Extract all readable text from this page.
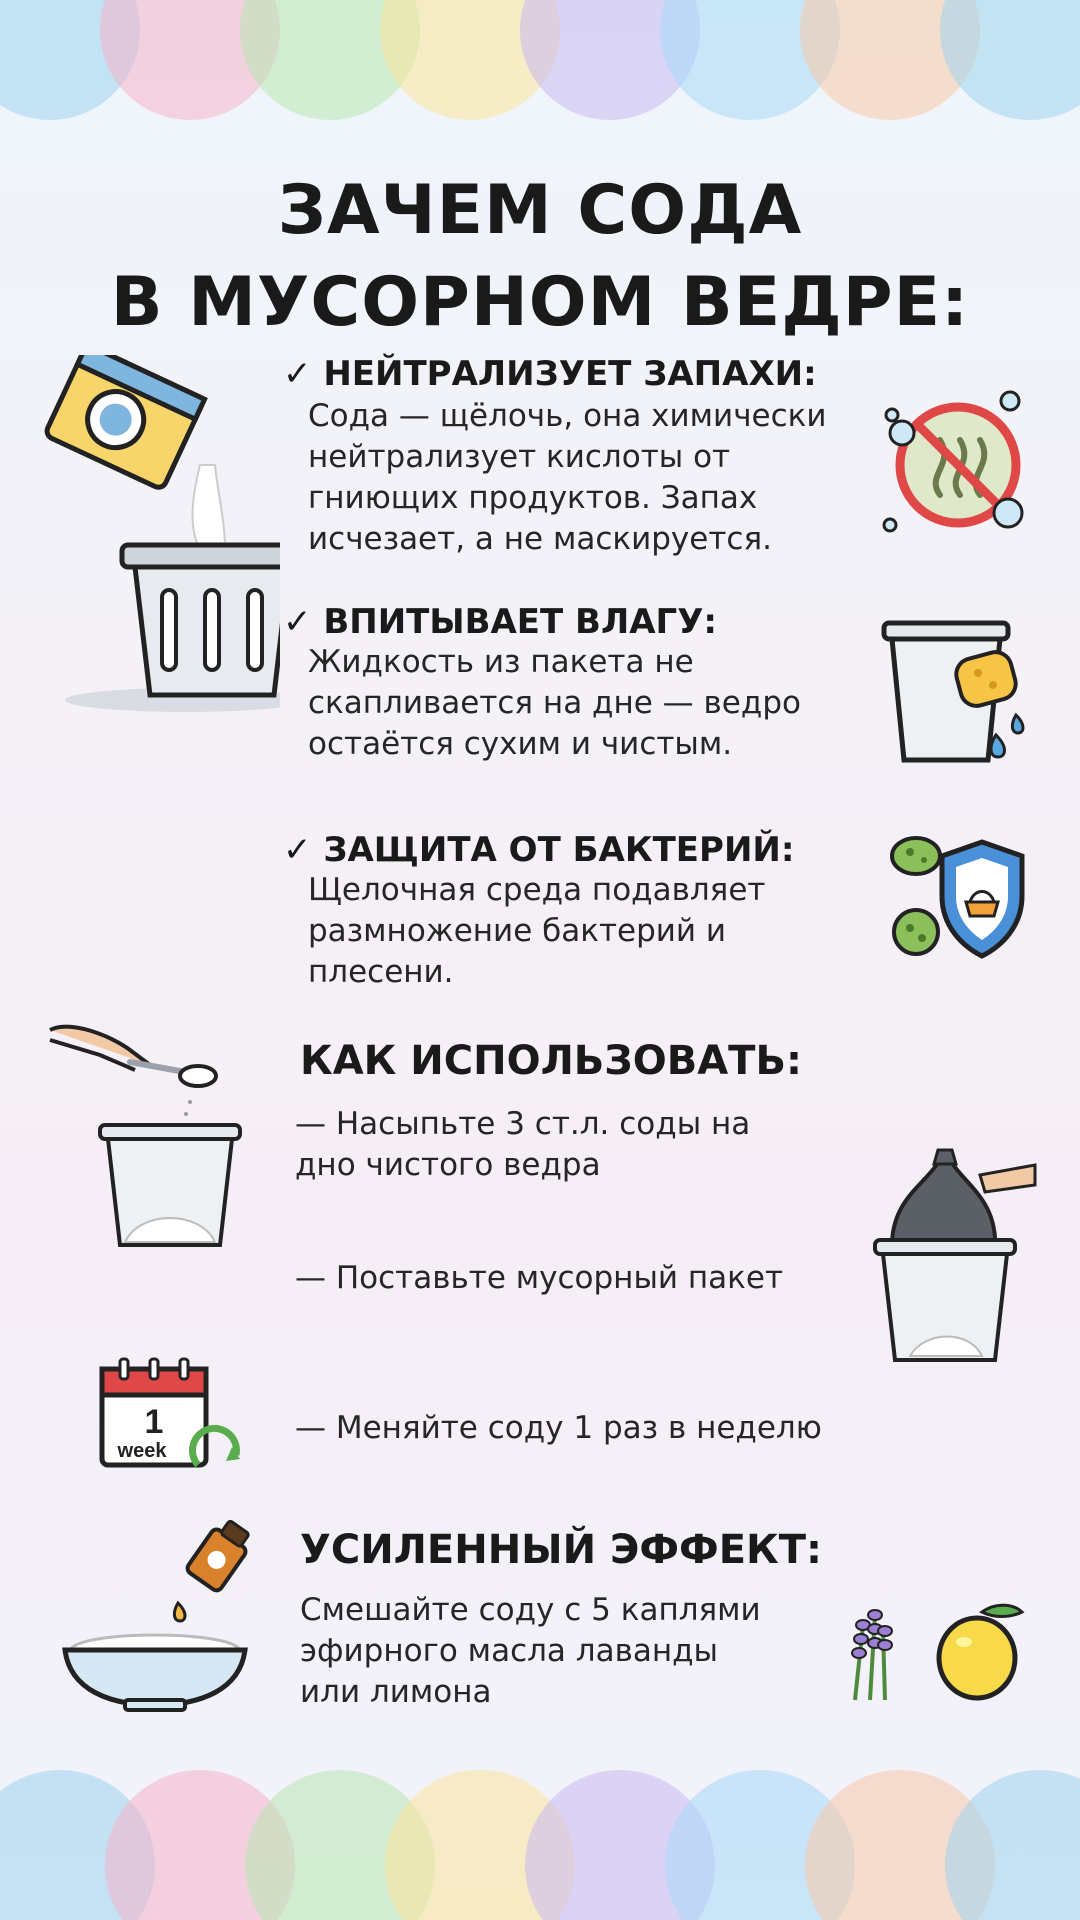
ЗАЧЕМ СОДА
В МУСОРНОМ ВЕДРЕ:
✓ НЕЙТРАЛИЗУЕТ ЗАПАХИ:
Сода — щёлочь, она химически
нейтрализует кислоты от
гниющих продуктов. Запах
исчезает, а не маскируется.
✓ ВПИТЫВАЕТ ВЛАГУ:
Жидкость из пакета не
скапливается на дне — ведро
остаётся сухим и чистым.
✓ ЗАЩИТА ОТ БАКТЕРИЙ:
Щелочная среда подавляет
размножение бактерий и
плесени.
КАК ИСПОЛЬЗОВАТЬ:
— Насыпьте 3 ст.л. соды на
дно чистого ведра
— Поставьте мусорный пакет
1
week
— Меняйте соду 1 раз в неделю
УСИЛЕННЫЙ ЭФФЕКТ:
Смешайте соду с 5 каплями
эфирного масла лаванды
или лимона
